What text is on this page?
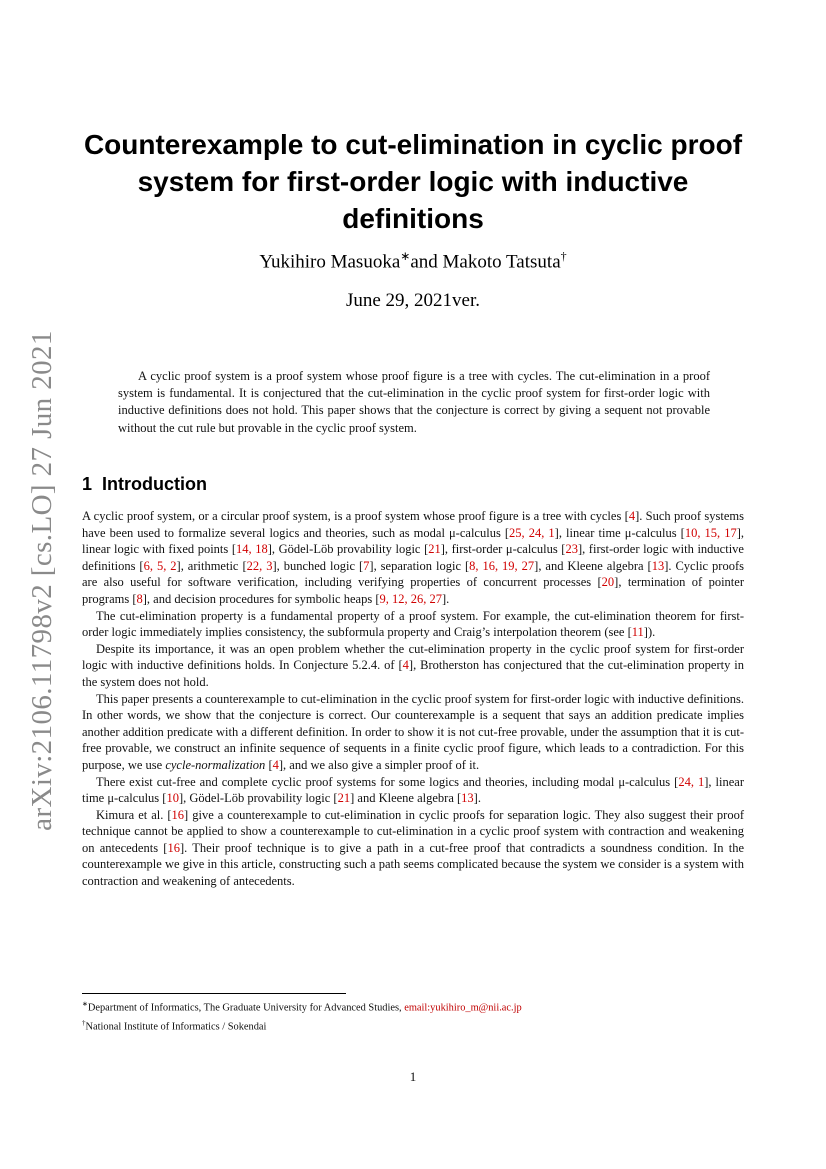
arXiv:2106.11798v2 [cs.LO] 27 Jun 2021
Counterexample to cut-elimination in cyclic proof system for first-order logic with inductive definitions
Yukihiro Masuoka∗and Makoto Tatsuta†
June 29, 2021ver.

A cyclic proof system is a proof system whose proof figure is a tree with cycles. The cut-elimination in a proof system is fundamental. It is conjectured that the cut-elimination in the cyclic proof system for first-order logic with inductive definitions does not hold. This paper shows that the conjecture is correct by giving a sequent not provable without the cut rule but provable in the cyclic proof system.

1 Introduction

A cyclic proof system, or a circular proof system, is a proof system whose proof figure is a tree with cycles [4]. Such proof systems have been used to formalize several logics and theories, such as modal μ-calculus [25, 24, 1], linear time μ-calculus [10, 15, 17], linear logic with fixed points [14, 18], Gödel-Löb provability logic [21], first-order μ-calculus [23], first-order logic with inductive definitions [6, 5, 2], arithmetic [22, 3], bunched logic [7], separation logic [8, 16, 19, 27], and Kleene algebra [13]. Cyclic proofs are also useful for software verification, including verifying properties of concurrent processes [20], termination of pointer programs [8], and decision procedures for symbolic heaps [9, 12, 26, 27].

The cut-elimination property is a fundamental property of a proof system. For example, the cut-elimination theorem for first-order logic immediately implies consistency, the subformula property and Craig’s interpolation theorem (see [11]).

Despite its importance, it was an open problem whether the cut-elimination property in the cyclic proof system for first-order logic with inductive definitions holds. In Conjecture 5.2.4. of [4], Brotherston has conjectured that the cut-elimination property in the system does not hold.

This paper presents a counterexample to cut-elimination in the cyclic proof system for first-order logic with inductive definitions. In other words, we show that the conjecture is correct. Our counterexample is a sequent that says an addition predicate implies another addition predicate with a different definition. In order to show it is not cut-free provable, under the assumption that it is cut-free provable, we construct an infinite sequence of sequents in a finite cyclic proof figure, which leads to a contradiction. For this purpose, we use cycle-normalization [4], and we also give a simpler proof of it.

There exist cut-free and complete cyclic proof systems for some logics and theories, including modal μ-calculus [24, 1], linear time μ-calculus [10], Gödel-Löb provability logic [21] and Kleene algebra [13].

Kimura et al. [16] give a counterexample to cut-elimination in cyclic proofs for separation logic. They also suggest their proof technique cannot be applied to show a counterexample to cut-elimination in a cyclic proof system with contraction and weakening on antecedents [16]. Their proof technique is to give a path in a cut-free proof that contradicts a soundness condition. In the counterexample we give in this article, constructing such a path seems complicated because the system we consider is a system with contraction and weakening of antecedents.

∗Department of Informatics, The Graduate University for Advanced Studies, email:yukihiro_m@nii.ac.jp

†National Institute of Informatics / Sokendai

1
